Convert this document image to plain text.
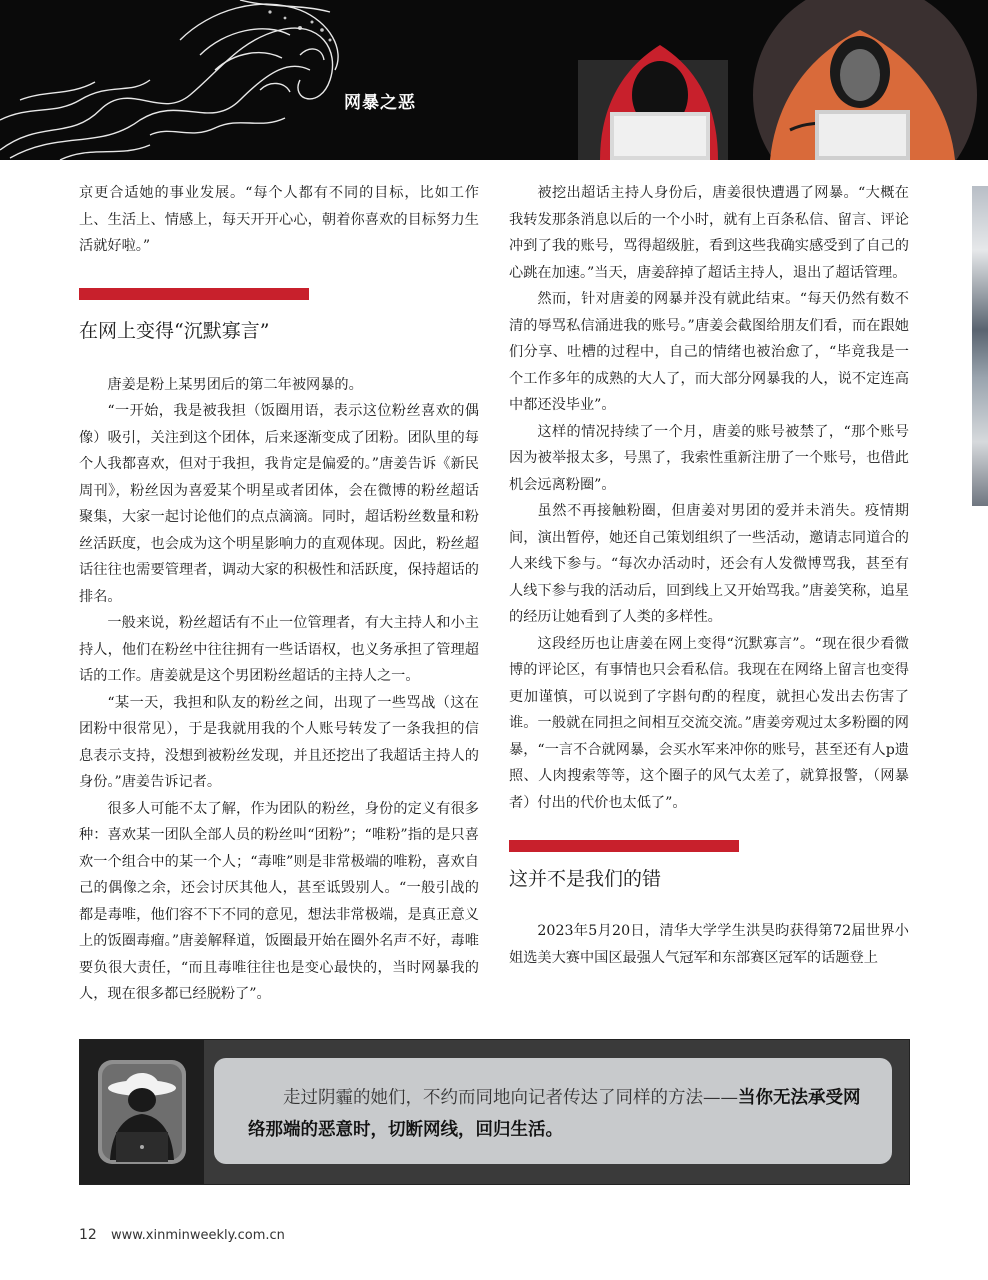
网暴之恶

京更合适她的事业发展。“每个人都有不同的目标，比如工作上、生活上、情感上，每天开开心心，朝着你喜欢的目标努力生活就好啦。”

在网上变得“沉默寡言”

唐姜是粉上某男团后的第二年被网暴的。

“一开始，我是被我担（饭圈用语，表示这位粉丝喜欢的偶像）吸引，关注到这个团体，后来逐渐变成了团粉。团队里的每个人我都喜欢，但对于我担，我肯定是偏爱的。”唐姜告诉《新民周刊》，粉丝因为喜爱某个明星或者团体，会在微博的粉丝超话聚集，大家一起讨论他们的点点滴滴。同时，超话粉丝数量和粉丝活跃度，也会成为这个明星影响力的直观体现。因此，粉丝超话往往也需要管理者，调动大家的积极性和活跃度，保持超话的排名。

一般来说，粉丝超话有不止一位管理者，有大主持人和小主持人，他们在粉丝中往往拥有一些话语权，也义务承担了管理超话的工作。唐姜就是这个男团粉丝超话的主持人之一。

“某一天，我担和队友的粉丝之间，出现了一些骂战（这在团粉中很常见），于是我就用我的个人账号转发了一条我担的信息表示支持，没想到被粉丝发现，并且还挖出了我超话主持人的身份。”唐姜告诉记者。

很多人可能不太了解，作为团队的粉丝，身份的定义有很多种：喜欢某一团队全部人员的粉丝叫“团粉”；“唯粉”指的是只喜欢一个组合中的某一个人；“毒唯”则是非常极端的唯粉，喜欢自己的偶像之余，还会讨厌其他人，甚至诋毁别人。“一般引战的都是毒唯，他们容不下不同的意见，想法非常极端，是真正意义上的饭圈毒瘤。”唐姜解释道，饭圈最开始在圈外名声不好，毒唯要负很大责任，“而且毒唯往往也是变心最快的，当时网暴我的人，现在很多都已经脱粉了”。

被挖出超话主持人身份后，唐姜很快遭遇了网暴。“大概在我转发那条消息以后的一个小时，就有上百条私信、留言、评论冲到了我的账号，骂得超级脏，看到这些我确实感受到了自己的心跳在加速。”当天，唐姜辞掉了超话主持人，退出了超话管理。

然而，针对唐姜的网暴并没有就此结束。“每天仍然有数不清的辱骂私信涌进我的账号。”唐姜会截图给朋友们看，而在跟她们分享、吐槽的过程中，自己的情绪也被治愈了，“毕竟我是一个工作多年的成熟的大人了，而大部分网暴我的人，说不定连高中都还没毕业”。

这样的情况持续了一个月，唐姜的账号被禁了，“那个账号因为被举报太多，号黑了，我索性重新注册了一个账号，也借此机会远离粉圈”。

虽然不再接触粉圈，但唐姜对男团的爱并未消失。疫情期间，演出暂停，她还自己策划组织了一些活动，邀请志同道合的人来线下参与。“每次办活动时，还会有人发微博骂我，甚至有人线下参与我的活动后，回到线上又开始骂我。”唐姜笑称，追星的经历让她看到了人类的多样性。

这段经历也让唐姜在网上变得“沉默寡言”。“现在很少看微博的评论区，有事情也只会看私信。我现在在网络上留言也变得更加谨慎，可以说到了字斟句酌的程度，就担心发出去伤害了谁。一般就在同担之间相互交流交流。”唐姜旁观过太多粉圈的网暴，“一言不合就网暴，会买水军来冲你的账号，甚至还有人p遗照、人肉搜索等等，这个圈子的风气太差了，就算报警，（网暴者）付出的代价也太低了”。

这并不是我们的错

2023年5月20日，清华大学学生洪昊昀获得第72届世界小姐选美大赛中国区最强人气冠军和东部赛区冠军的话题登上

走过阴霾的她们，不约而同地向记者传达了同样的方法——当你无法承受网络那端的恶意时，切断网线，回归生活。

12 www.xinminweekly.com.cn
